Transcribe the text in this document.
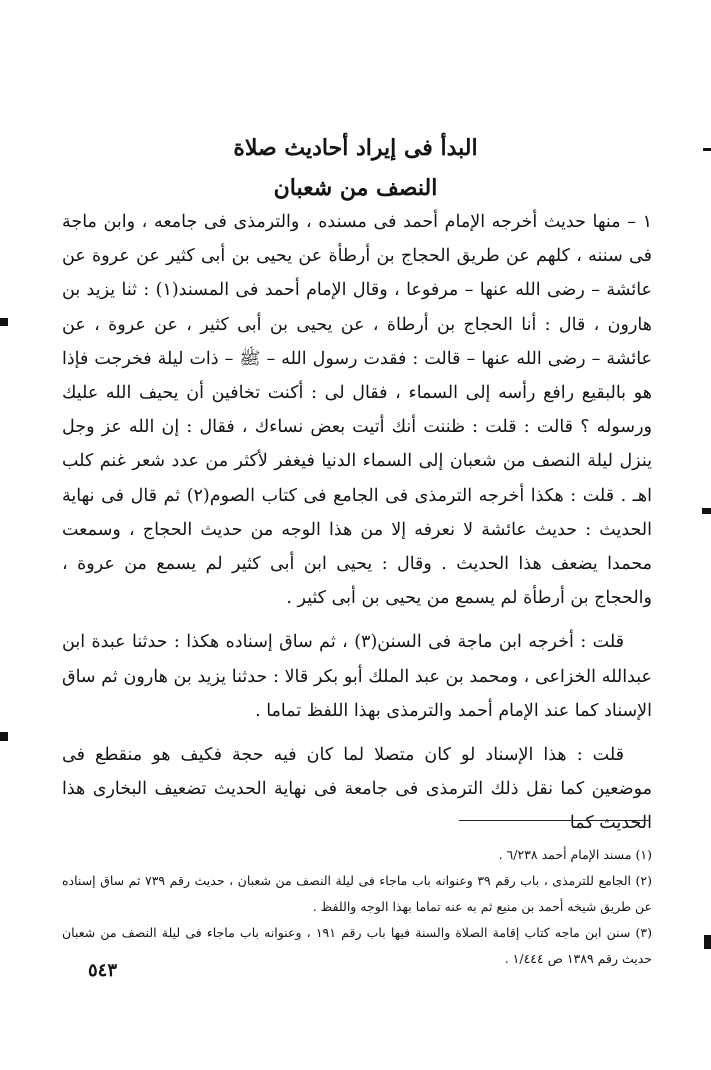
البدأ فى إيراد أحاديث صلاة

النصف من شعبان

١ – منها حديث أخرجه الإمام أحمد فى مسنده ، والترمذى فى جامعه ، وابن ماجة فى سننه ، كلهم عن طريق الحجاج بن أرطأة عن يحيى بن أبى كثير عن عروة عن عائشة – رضى الله عنها – مرفوعا ، وقال الإمام أحمد فى المسند(١) : ثنا يزيد بن هارون ، قال : أنا الحجاج بن أرطاة ، عن يحيى بن أبى كثير ، عن عروة ، عن عائشة – رضى الله عنها – قالت : فقدت رسول الله – ﷺ – ذات ليلة فخرجت فإذا هو بالبقيع رافع رأسه إلى السماء ، فقال لى : أكنت تخافين أن يحيف الله عليك ورسوله ؟ قالت : قلت : ظننت أنك أتيت بعض نساءك ، فقال : إن الله عز وجل ينزل ليلة النصف من شعبان إلى السماء الدنيا فيغفر لأكثر من عدد شعر غنم كلب اهـ . قلت : هكذا أخرجه الترمذى فى الجامع فى كتاب الصوم(٢) ثم قال فى نهاية الحديث : حديث عائشة لا نعرفه إلا من هذا الوجه من حديث الحجاج ، وسمعت محمدا يضعف هذا الحديث . وقال : يحيى ابن أبى كثير لم يسمع من عروة ، والحجاج بن أرطأة لم يسمع من يحيى بن أبى كثير .

قلت : أخرجه ابن ماجة فى السنن(٣) ، ثم ساق إسناده هكذا : حدثنا عبدة ابن عبدالله الخزاعى ، ومحمد بن عبد الملك أبو بكر قالا : حدثنا يزيد بن هارون ثم ساق الإسناد كما عند الإمام أحمد والترمذى بهذا اللفظ تماما .

قلت : هذا الإسناد لو كان متصلا لما كان فيه حجة فكيف هو منقطع فى موضعين كما نقل ذلك الترمذى فى جامعة فى نهاية الحديث تضعيف البخارى هذا الحديث كما

(١) مسند الإمام أحمد ٦/٢٣٨ .

(٢) الجامع للترمذى ، باب رقم ٣٩ وعنوانه باب ماجاء فى ليلة النصف من شعبان ، حديث رقم ٧٣٩ ثم ساق إسناده عن طريق شيخه أحمد بن منيع ثم به عنه تماما بهذا الوجه واللفظ .

(٣) سنن ابن ماجه كتاب إقامة الصلاة والسنة فيها باب رقم ١٩١ ، وعنوانه باب ماجاء فى ليلة النصف من شعبان حديث رقم ١٣٨٩ ص ١/٤٤٤ .

٥٤٣
